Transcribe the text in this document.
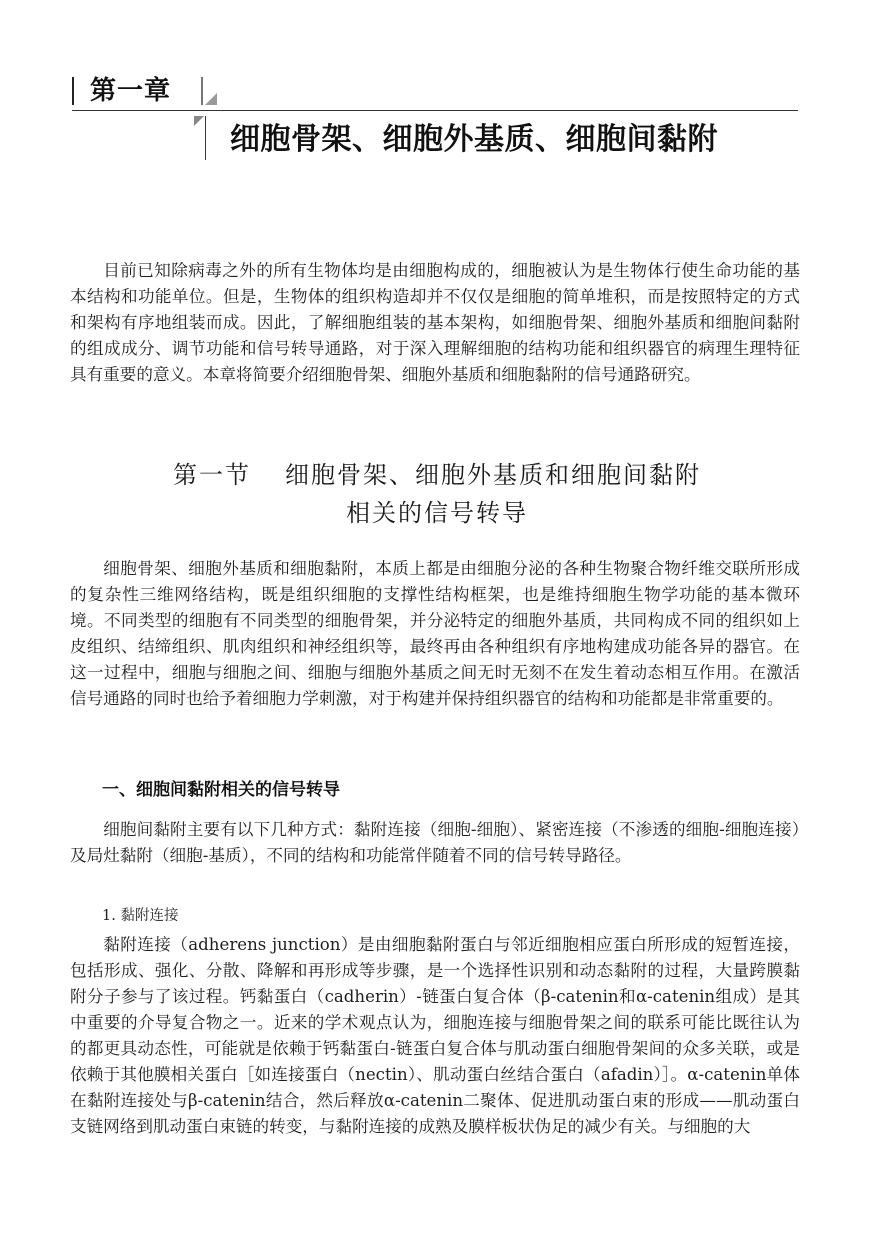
第一章
细胞骨架、细胞外基质、细胞间黏附

目前已知除病毒之外的所有生物体均是由细胞构成的，细胞被认为是生物体行使生命功能的基本结构和功能单位。但是，生物体的组织构造却并不仅仅是细胞的简单堆积，而是按照特定的方式和架构有序地组装而成。因此，了解细胞组装的基本架构，如细胞骨架、细胞外基质和细胞间黏附的组成成分、调节功能和信号转导通路，对于深入理解细胞的结构功能和组织器官的病理生理特征具有重要的意义。本章将简要介绍细胞骨架、细胞外基质和细胞黏附的信号通路研究。

第一节 细胞骨架、细胞外基质和细胞间黏附
相关的信号转导

细胞骨架、细胞外基质和细胞黏附，本质上都是由细胞分泌的各种生物聚合物纤维交联所形成的复杂性三维网络结构，既是组织细胞的支撑性结构框架，也是维持细胞生物学功能的基本微环境。不同类型的细胞有不同类型的细胞骨架，并分泌特定的细胞外基质，共同构成不同的组织如上皮组织、结缔组织、肌肉组织和神经组织等，最终再由各种组织有序地构建成功能各异的器官。在这一过程中，细胞与细胞之间、细胞与细胞外基质之间无时无刻不在发生着动态相互作用。在激活信号通路的同时也给予着细胞力学刺激，对于构建并保持组织器官的结构和功能都是非常重要的。

一、细胞间黏附相关的信号转导

细胞间黏附主要有以下几种方式：黏附连接（细胞-细胞）、紧密连接（不渗透的细胞-细胞连接）及局灶黏附（细胞-基质），不同的结构和功能常伴随着不同的信号转导路径。

1. 黏附连接

黏附连接（adherens junction）是由细胞黏附蛋白与邻近细胞相应蛋白所形成的短暂连接，包括形成、强化、分散、降解和再形成等步骤，是一个选择性识别和动态黏附的过程，大量跨膜黏附分子参与了该过程。钙黏蛋白（cadherin）-链蛋白复合体（β-catenin和α-catenin组成）是其中重要的介导复合物之一。近来的学术观点认为，细胞连接与细胞骨架之间的联系可能比既往认为的都更具动态性，可能就是依赖于钙黏蛋白-链蛋白复合体与肌动蛋白细胞骨架间的众多关联，或是依赖于其他膜相关蛋白［如连接蛋白（nectin）、肌动蛋白丝结合蛋白（afadin）］。α-catenin单体在黏附连接处与β-catenin结合，然后释放α-catenin二聚体、促进肌动蛋白束的形成——肌动蛋白支链网络到肌动蛋白束链的转变，与黏附连接的成熟及膜样板状伪足的减少有关。与细胞的大
